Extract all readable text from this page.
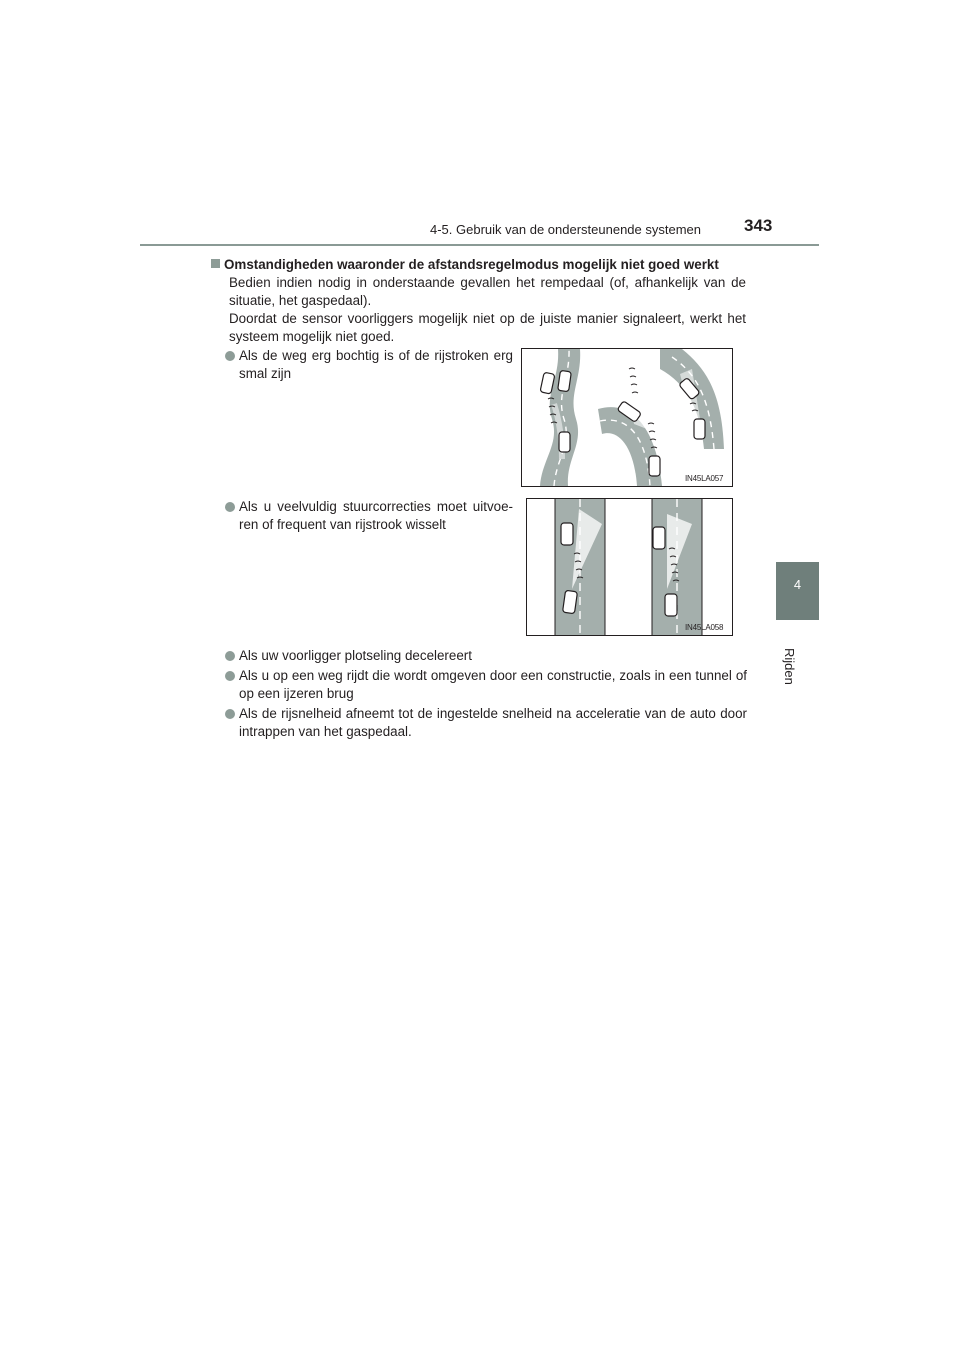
4-5. Gebruik van de ondersteunende systemen	343
4
Rijden
Omstandigheden waaronder de afstandsregelmodus mogelijk niet goed werkt

Bedien indien nodig in onderstaande gevallen het rempedaal (of, afhankelijk van de situatie, het gaspedaal).

Doordat de sensor voorliggers mogelijk niet op de juiste manier signaleert, werkt het systeem mogelijk niet goed.

Als de weg erg bochtig is of de rijstroken erg smal zijn
IN45LA057
Als u veelvuldig stuurcorrecties moet uitvoe-ren of frequent van rijstrook wisselt
IN45LA058
Als uw voorligger plotseling decelereert
Als u op een weg rijdt die wordt omgeven door een constructie, zoals in een tunnel of op een ijzeren brug
Als de rijsnelheid afneemt tot de ingestelde snelheid na acceleratie van de auto door intrappen van het gaspedaal.
